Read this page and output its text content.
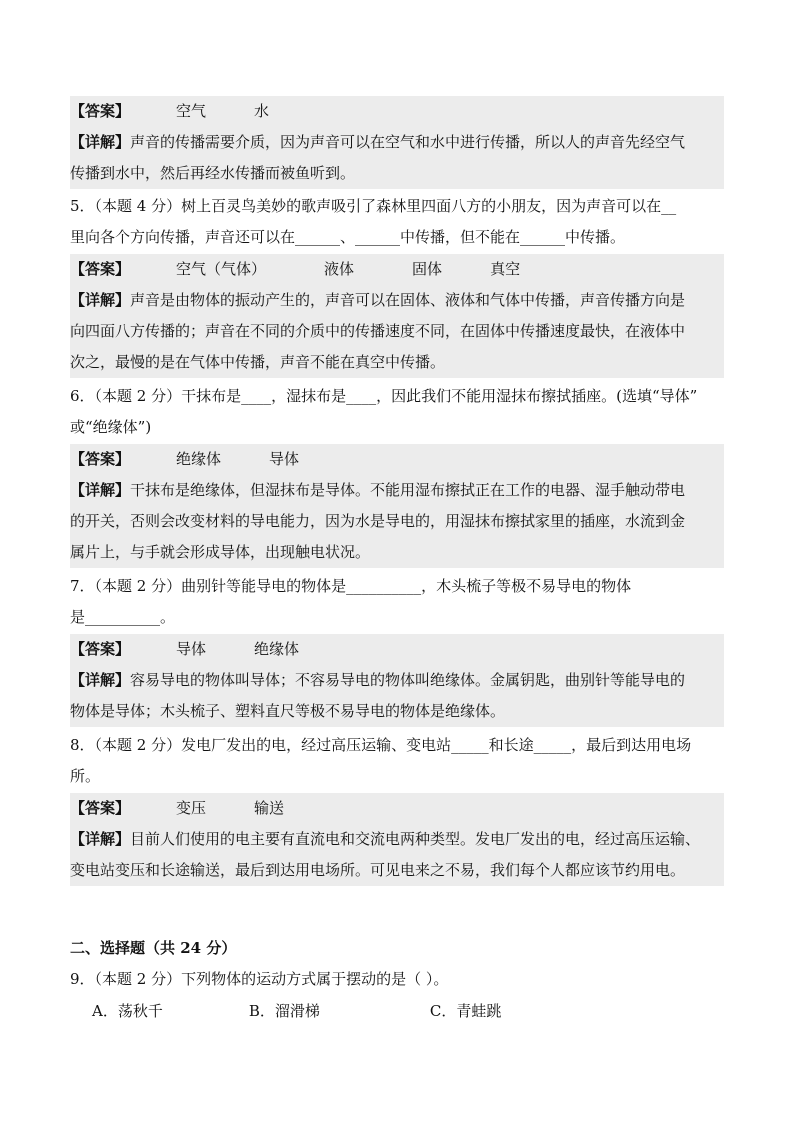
【答案】	空气	水
【详解】声音的传播需要介质，因为声音可以在空气和水中进行传播，所以人的声音先经空气
传播到水中，然后再经水传播而被鱼听到。
5．（本题 4 分）树上百灵鸟美妙的歌声吸引了森林里四面八方的小朋友，因为声音可以在__
里向各个方向传播，声音还可以在______、______中传播，但不能在______中传播。
【答案】	空气（气体）	液体	固体	真空
【详解】声音是由物体的振动产生的，声音可以在固体、液体和气体中传播，声音传播方向是
向四面八方传播的；声音在不同的介质中的传播速度不同，在固体中传播速度最快，在液体中
次之，最慢的是在气体中传播，声音不能在真空中传播。
6．（本题 2 分）干抹布是____，湿抹布是____，因此我们不能用湿抹布擦拭插座。(选填“导体”
或“绝缘体”)
【答案】	绝缘体	导体
【详解】干抹布是绝缘体，但湿抹布是导体。不能用湿布擦拭正在工作的电器、湿手触动带电
的开关，否则会改变材料的导电能力，因为水是导电的，用湿抹布擦拭家里的插座，水流到金
属片上，与手就会形成导体，出现触电状况。
7．（本题 2 分）曲别针等能导电的物体是__________，木头梳子等极不易导电的物体
是__________。
【答案】	导体	绝缘体
【详解】容易导电的物体叫导体；不容易导电的物体叫绝缘体。金属钥匙，曲别针等能导电的
物体是导体；木头梳子、塑料直尺等极不易导电的物体是绝缘体。
8．（本题 2 分）发电厂发出的电，经过高压运输、变电站_____和长途_____，最后到达用电场
所。
【答案】	变压	输送
【详解】目前人们使用的电主要有直流电和交流电两种类型。发电厂发出的电，经过高压运输、
变电站变压和长途输送，最后到达用电场所。可见电来之不易，我们每个人都应该节约用电。
二、选择题（共 24 分）
9．（本题 2 分）下列物体的运动方式属于摆动的是（ ）。
A．荡秋千	B．溜滑梯	C．青蛙跳
